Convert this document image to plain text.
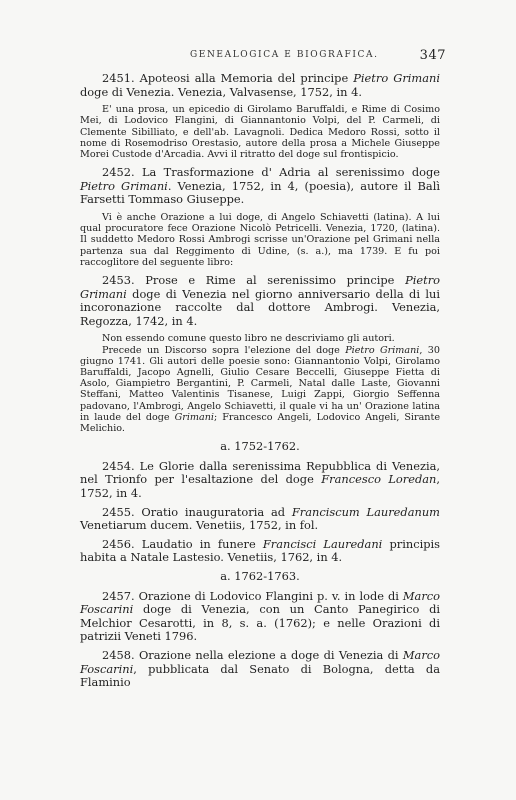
GENEALOGICA E BIOGRAFICA.	347

2451. Apoteosi alla Memoria del principe Pietro Grimani doge di Venezia. Venezia, Valvasense, 1752, in 4.

E' una prosa, un epicedio di Girolamo Baruffaldi, e Rime di Cosimo Mei, di Lodovico Flangini, di Giannantonio Volpi, del P. Carmeli, di Clemente Sibilliato, e dell'ab. Lavagnoli. Dedica Medoro Rossi, sotto il nome di Rosemodriso Orestasio, autore della prosa a Michele Giuseppe Morei Custode d'Arcadia. Avvi il ritratto del doge sul frontispicio.

2452. La Trasformazione d' Adria al serenissimo doge Pietro Grimani. Venezia, 1752, in 4, (poesia), autore il Balì Farsetti Tommaso Giuseppe.

Vi è anche Orazione a lui doge, di Angelo Schiavetti (latina). A lui qual procuratore fece Orazione Nicolò Petricelli. Venezia, 1720, (latina). Il suddetto Medoro Rossi Ambrogi scrisse un'Orazione pel Grimani nella partenza sua dal Reggimento di Udine, (s. a.), ma 1739. E fu poi raccoglitore del seguente libro:

2453. Prose e Rime al serenissimo principe Pietro Grimani doge di Venezia nel giorno anniversario della di lui incoronazione raccolte dal dottore Ambrogi. Venezia, Regozza, 1742, in 4.

Non essendo comune questo libro ne descriviamo gli autori.

Precede un Discorso sopra l'elezione del doge Pietro Grimani, 30 giugno 1741. Gli autori delle poesie sono: Giannantonio Volpi, Girolamo Baruffaldi, Jacopo Agnelli, Giulio Cesare Beccelli, Giuseppe Fietta di Asolo, Giampietro Bergantini, P. Carmeli, Natal dalle Laste, Giovanni Steffani, Matteo Valentinis Tisanese, Luigi Zappi, Giorgio Seffenna padovano, l'Ambrogi, Angelo Schiavetti, il quale vi ha un' Orazione latina in laude del doge Grimani; Francesco Angeli, Lodovico Angeli, Sirante Melichio.

a. 1752-1762.

2454. Le Glorie dalla serenissima Repubblica di Venezia, nel Trionfo per l'esaltazione del doge Francesco Loredan, 1752, in 4.

2455. Oratio inauguratoria ad Franciscum Lauredanum Venetiarum ducem. Venetiis, 1752, in fol.

2456. Laudatio in funere Francisci Lauredani principis habita a Natale Lastesio. Venetiis, 1762, in 4.

a. 1762-1763.

2457. Orazione di Lodovico Flangini p. v. in lode di Marco Foscarini doge di Venezia, con un Canto Panegirico di Melchior Cesarotti, in 8, s. a. (1762); e nelle Orazioni di patrizii Veneti 1796.

2458. Orazione nella elezione a doge di Venezia di Marco Foscarini, pubblicata dal Senato di Bologna, detta da Flaminio
